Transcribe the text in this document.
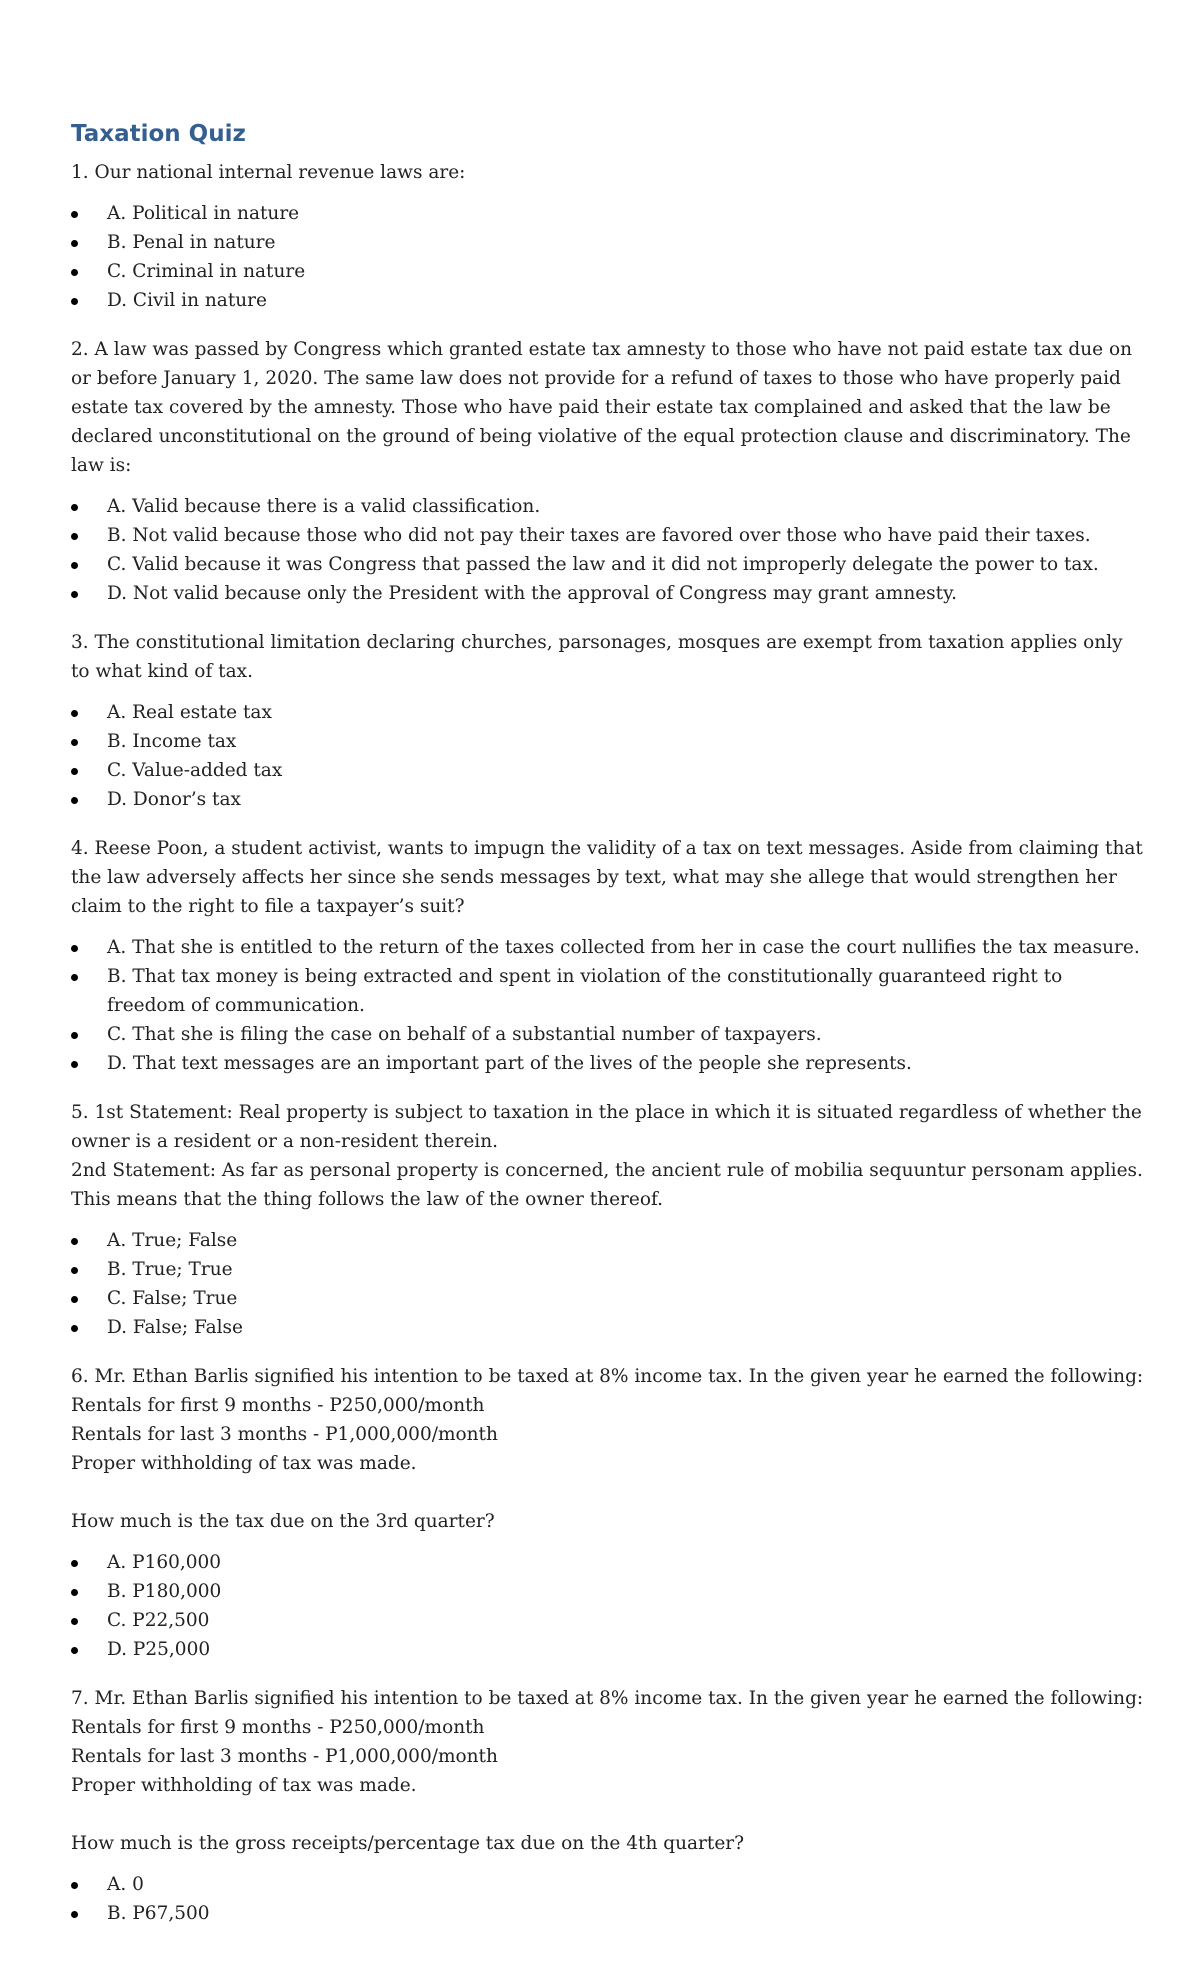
Taxation Quiz

1. Our national internal revenue laws are:

A. Political in nature
B. Penal in nature
C. Criminal in nature
D. Civil in nature

2. A law was passed by Congress which granted estate tax amnesty to those who have not paid estate tax due on or before January 1, 2020. The same law does not provide for a refund of taxes to those who have properly paid estate tax covered by the amnesty. Those who have paid their estate tax complained and asked that the law be declared unconstitutional on the ground of being violative of the equal protection clause and discriminatory. The law is:

A. Valid because there is a valid classification.
B. Not valid because those who did not pay their taxes are favored over those who have paid their taxes.
C. Valid because it was Congress that passed the law and it did not improperly delegate the power to tax.
D. Not valid because only the President with the approval of Congress may grant amnesty.

3. The constitutional limitation declaring churches, parsonages, mosques are exempt from taxation applies only to what kind of tax.

A. Real estate tax
B. Income tax
C. Value-added tax
D. Donor’s tax

4. Reese Poon, a student activist, wants to impugn the validity of a tax on text messages. Aside from claiming that the law adversely affects her since she sends messages by text, what may she allege that would strengthen her claim to the right to file a taxpayer’s suit?

A. That she is entitled to the return of the taxes collected from her in case the court nullifies the tax measure.
B. That tax money is being extracted and spent in violation of the constitutionally guaranteed right to freedom of communication.
C. That she is filing the case on behalf of a substantial number of taxpayers.
D. That text messages are an important part of the lives of the people she represents.

5. 1st Statement: Real property is subject to taxation in the place in which it is situated regardless of whether the owner is a resident or a non-resident therein.

2nd Statement: As far as personal property is concerned, the ancient rule of mobilia sequuntur personam applies. This means that the thing follows the law of the owner thereof.

A. True; False
B. True; True
C. False; True
D. False; False

6. Mr. Ethan Barlis signified his intention to be taxed at 8% income tax. In the given year he earned the following:

Rentals for first 9 months - P250,000/month

Rentals for last 3 months - P1,000,000/month

Proper withholding of tax was made.

How much is the tax due on the 3rd quarter?

A. P160,000
B. P180,000
C. P22,500
D. P25,000

7. Mr. Ethan Barlis signified his intention to be taxed at 8% income tax. In the given year he earned the following:

Rentals for first 9 months - P250,000/month

Rentals for last 3 months - P1,000,000/month

Proper withholding of tax was made.

How much is the gross receipts/percentage tax due on the 4th quarter?

A. 0
B. P67,500
